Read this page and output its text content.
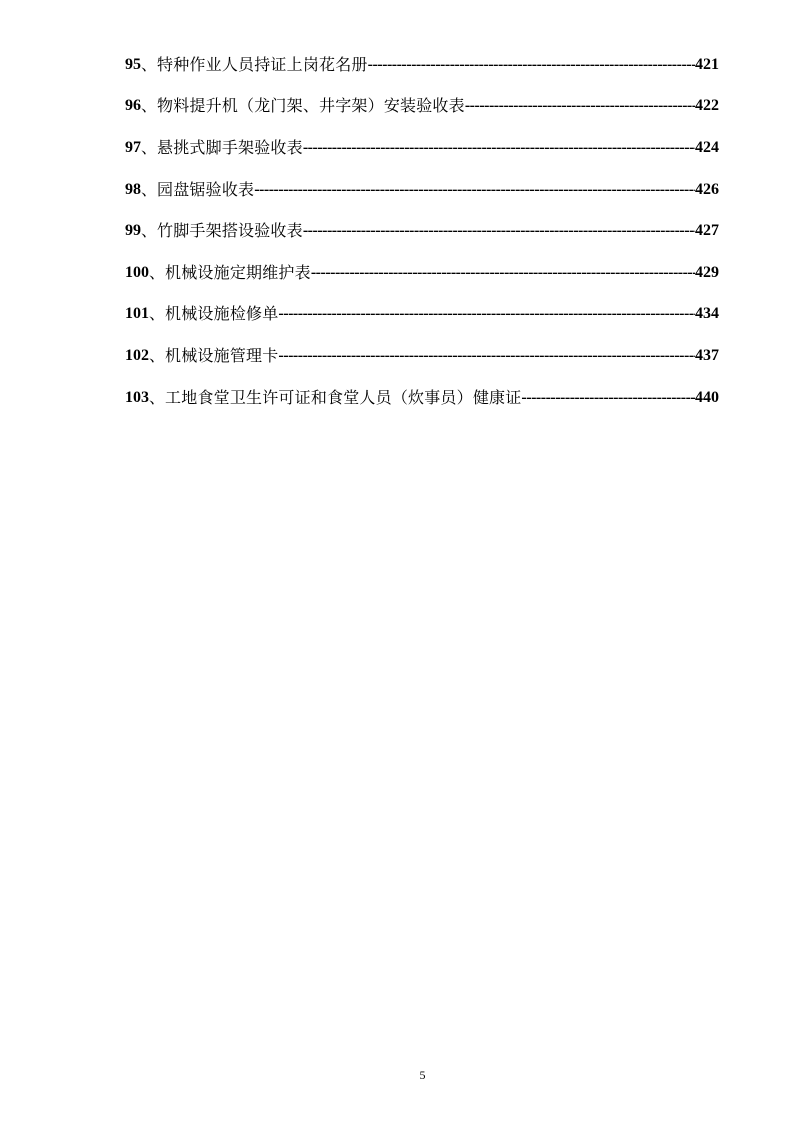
95 、 特种作业人员持证上岗花名册 -----	421
96 、 物料提升机（龙门架、井字架）安装验收表 -----	422
97 、 悬挑式脚手架验收表 -----	424
98 、 园盘锯验收表 -----	426
99 、 竹脚手架搭设验收表 -----	427
100 、 机械设施定期维护表 -----	429
101 、 机械设施检修单 -----	434
102 、 机械设施管理卡 -----	437
103 、 工地食堂卫生许可证和食堂人员（炊事员）健康证 -----	440
5
